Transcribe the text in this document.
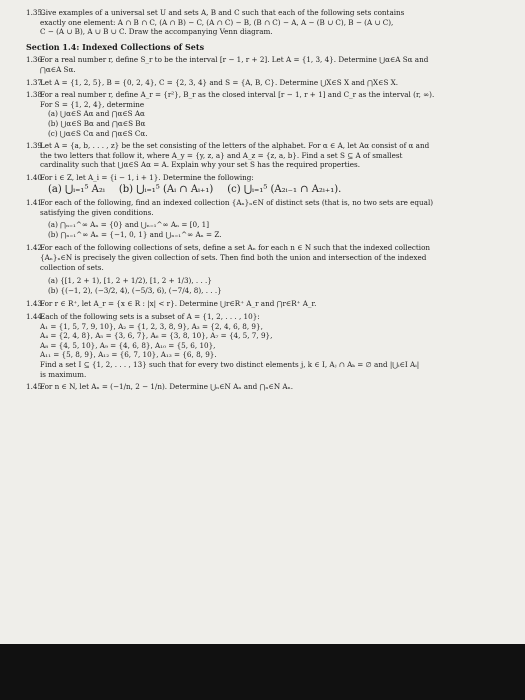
1.35.

Give examples of a universal set U and sets A, B and C such that each of the following sets contains

exactly one element: A ∩ B ∩ C, (A ∩ B) − C, (A ∩ C) − B, (B ∩ C) − A, A − (B ∪ C), B − (A ∪ C),

C − (A ∪ B), A ∪ B ∪ C. Draw the accompanying Venn diagram.

Section 1.4: Indexed Collections of Sets
1.36.

For a real number r, define S_r to be the interval [r − 1, r + 2]. Let A = {1, 3, 4}. Determine ⋃α∈A Sα and

⋂α∈A Sα.

1.37.

Let A = {1, 2, 5}, B = {0, 2, 4}, C = {2, 3, 4} and S = {A, B, C}. Determine ⋃X∈S X and ⋂X∈S X.

1.38.

For a real number r, define A_r = {r²}, B_r as the closed interval [r − 1, r + 1] and C_r as the interval (r, ∞).

For S = {1, 2, 4}, determine

(a) ⋃α∈S Aα and ⋂α∈S Aα

(b) ⋃α∈S Bα and ⋂α∈S Bα

(c) ⋃α∈S Cα and ⋂α∈S Cα.

1.39.

Let A = {a, b, . . . , z} be the set consisting of the letters of the alphabet. For α ∈ A, let Aα consist of α and

the two letters that follow it, where A_y = {y, z, a} and A_z = {z, a, b}. Find a set S ⊆ A of smallest

cardinality such that ⋃α∈S Aα = A. Explain why your set S has the required properties.

1.40.

For i ∈ Z, let A_i = {i − 1, i + 1}. Determine the following:

(a) ⋃ᵢ₌₁⁵ A₂ᵢ (b) ⋃ᵢ₌₁⁵ (Aᵢ ∩ Aᵢ₊₁) (c) ⋃ᵢ₌₁⁵ (A₂ᵢ₋₁ ∩ A₂ᵢ₊₁).
1.41.

For each of the following, find an indexed collection {Aₙ}ₙ∈N of distinct sets (that is, no two sets are equal)

satisfying the given conditions.

(a) ⋂ₙ₌₁^∞ Aₙ = {0} and ⋃ₙ₌₁^∞ Aₙ = [0, 1]

(b) ⋂ₙ₌₁^∞ Aₙ = {−1, 0, 1} and ⋃ₙ₌₁^∞ Aₙ = Z.

1.42.

For each of the following collections of sets, define a set Aₙ for each n ∈ N such that the indexed collection

{Aₙ}ₙ∈N is precisely the given collection of sets. Then find both the union and intersection of the indexed

collection of sets.

(a) {[1, 2 + 1), [1, 2 + 1/2), [1, 2 + 1/3), . . .}

(b) {(−1, 2), (−3/2, 4), (−5/3, 6), (−7/4, 8), . . .}

1.43.

For r ∈ R⁺, let A_r = {x ∈ R : |x| < r}. Determine ⋃r∈R⁺ A_r and ⋂r∈R⁺ A_r.

1.44.

Each of the following sets is a subset of A = {1, 2, . . . , 10}:

A₁ = {1, 5, 7, 9, 10}, A₂ = {1, 2, 3, 8, 9}, A₃ = {2, 4, 6, 8, 9},

A₄ = {2, 4, 8}, A₅ = {3, 6, 7}, A₆ = {3, 8, 10}, A₇ = {4, 5, 7, 9},

A₈ = {4, 5, 10}, A₉ = {4, 6, 8}, A₁₀ = {5, 6, 10},

A₁₁ = {5, 8, 9}, A₁₂ = {6, 7, 10}, A₁₃ = {6, 8, 9}.

Find a set I ⊆ {1, 2, . . . , 13} such that for every two distinct elements j, k ∈ I, Aⱼ ∩ Aₖ = ∅ and |⋃ᵢ∈I Aᵢ|

is maximum.

1.45.

For n ∈ N, let Aₙ = (−1/n, 2 − 1/n). Determine ⋃ₙ∈N Aₙ and ⋂ₙ∈N Aₙ.
